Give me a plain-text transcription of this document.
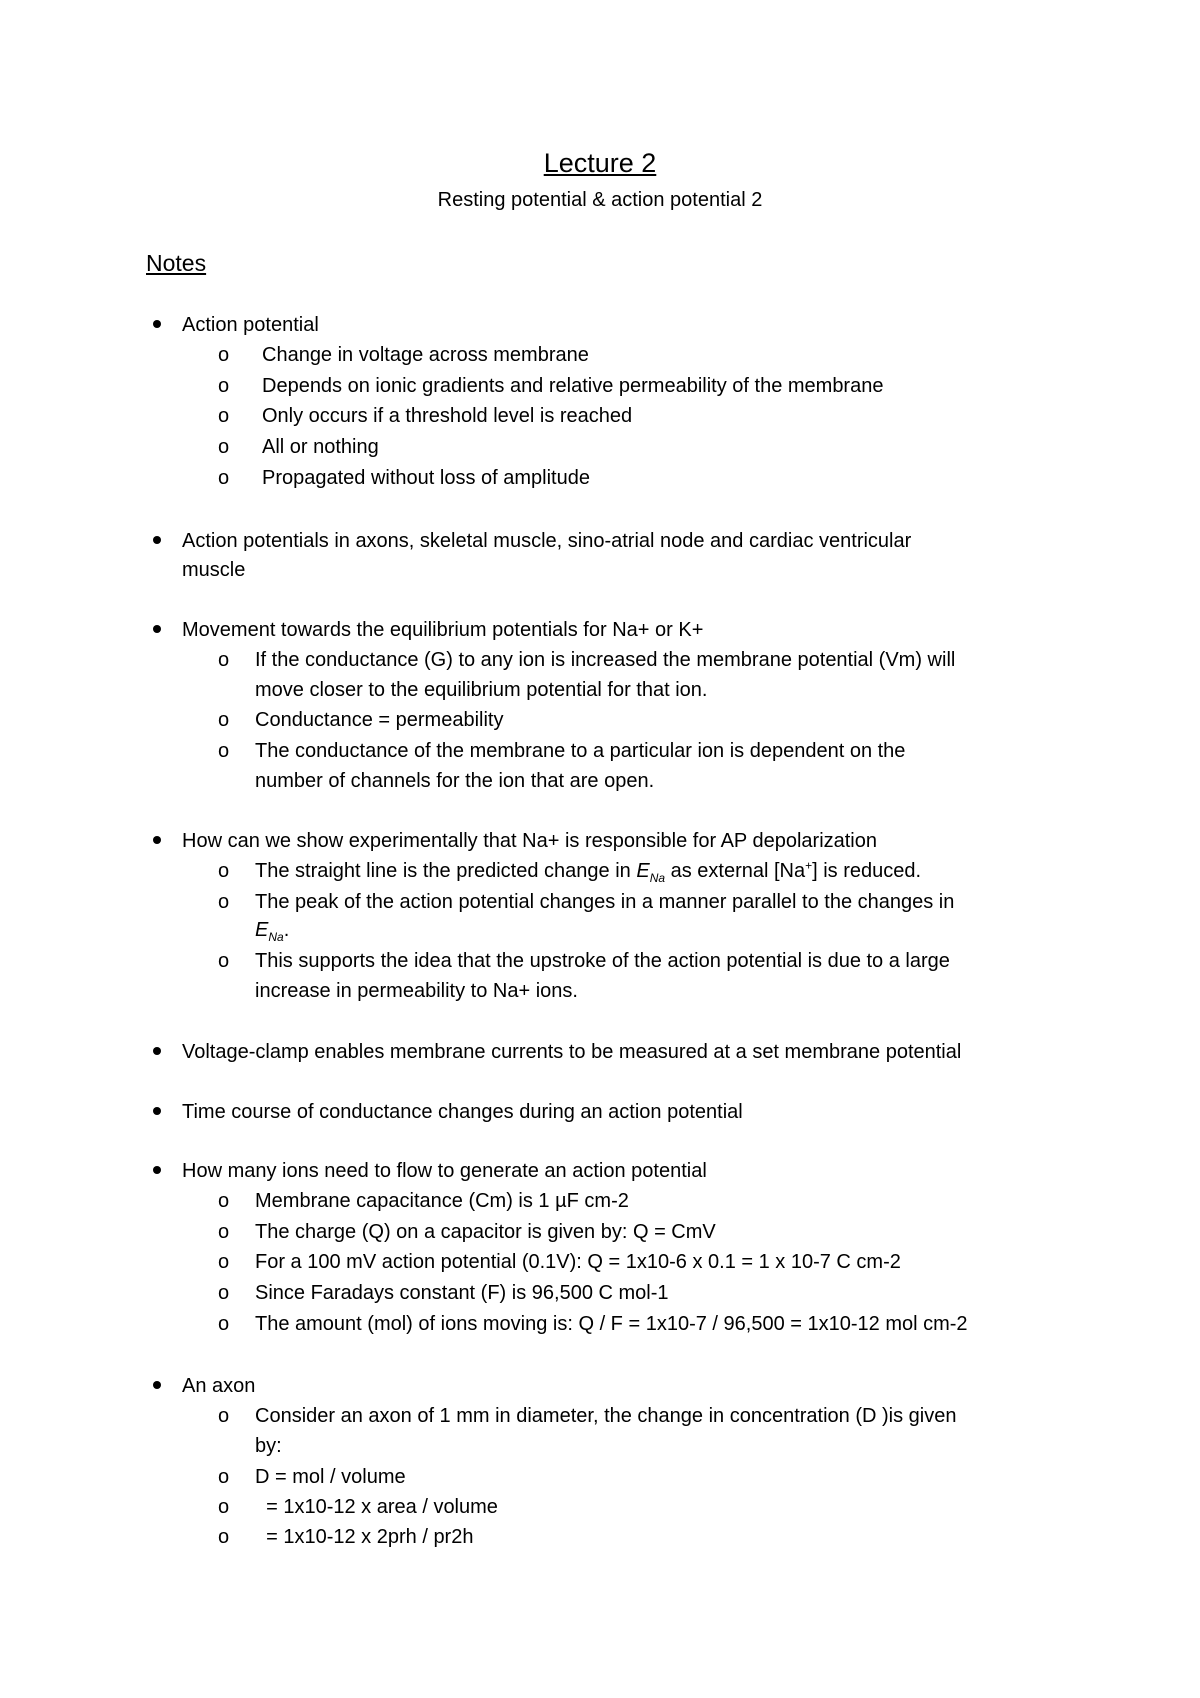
Lecture 2
Resting potential & action potential 2
Notes
Action potential
o Change in voltage across membrane
o Depends on ionic gradients and relative permeability of the membrane
o Only occurs if a threshold level is reached
o All or nothing
o Propagated without loss of amplitude
Action potentials in axons, skeletal muscle, sino-atrial node and cardiac ventricular
muscle
Movement towards the equilibrium potentials for Na+ or K+
o If the conductance (G) to any ion is increased the membrane potential (Vm) will
move closer to the equilibrium potential for that ion.
o Conductance = permeability
o The conductance of the membrane to a particular ion is dependent on the
number of channels for the ion that are open.
How can we show experimentally that Na+ is responsible for AP depolarization
o The straight line is the predicted change in $E_{Na}$ as external [Na+] is reduced.
o The peak of the action potential changes in a manner parallel to the changes in
$E_{Na}$.
o This supports the idea that the upstroke of the action potential is due to a large
increase in permeability to Na+ ions.
Voltage-clamp enables membrane currents to be measured at a set membrane potential
Time course of conductance changes during an action potential
How many ions need to flow to generate an action potential
o Membrane capacitance (Cm) is 1 µF cm-2
o The charge (Q) on a capacitor is given by: Q = CmV
o For a 100 mV action potential (0.1V): Q = 1x10-6 x 0.1 = 1 x 10-7 C cm-2
o Since Faradays constant (F) is 96,500 C mol-1
o The amount (mol) of ions moving is: Q / F = 1x10-7 / 96,500 = 1x10-12 mol cm-2
An axon
o Consider an axon of 1 mm in diameter, the change in concentration (D )is given
by:
o D = mol / volume
o = 1x10-12 x area / volume
o = 1x10-12 x 2prh / pr2h
